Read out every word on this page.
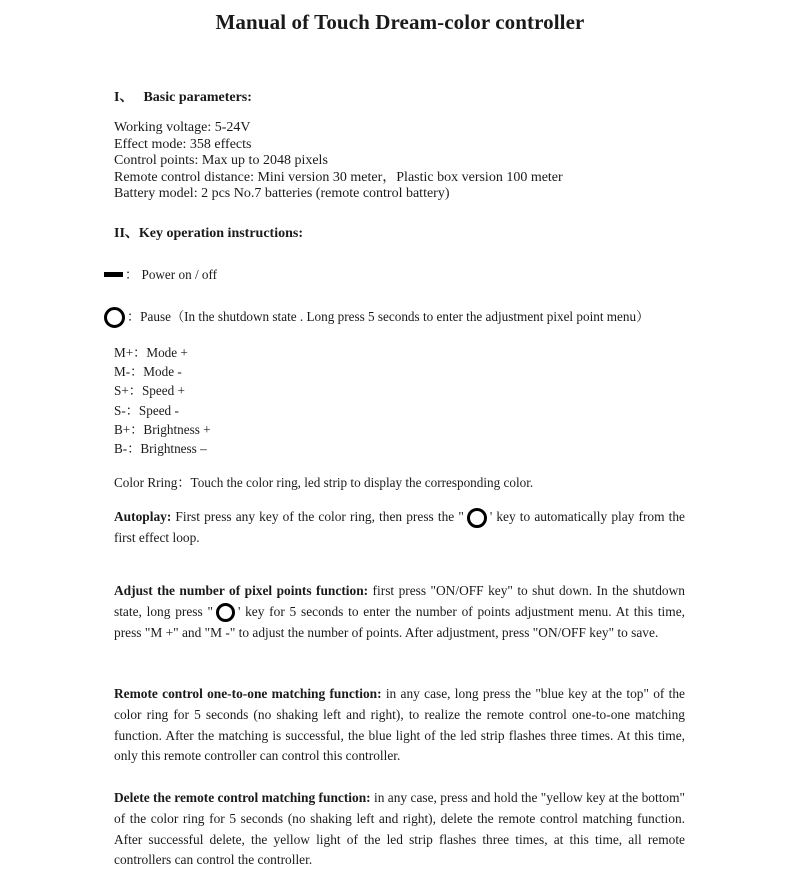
Manual of Touch Dream-color controller
I、 Basic parameters:
Working voltage: 5-24V
Effect mode: 358 effects
Control points: Max up to 2048 pixels
Remote control distance: Mini version 30 meter，Plastic box version 100 meter
Battery model: 2 pcs No.7 batteries (remote control battery)
II、Key operation instructions:
： Power on / off
：Pause（In the shutdown state . Long press 5 seconds to enter the adjustment pixel point menu）
M+：Mode +
M-：Mode -
S+：Speed +
S-：Speed -
B+：Brightness +
B-：Brightness –
Color Rring：Touch the color ring, led strip to display the corresponding color.
Autoplay: First press any key of the color ring, then press the " ' key to automatically play from the first effect loop.
Adjust the number of pixel points function: first press "ON/OFF key" to shut down. In the shutdown state, long press " ' key for 5 seconds to enter the number of points adjustment menu. At this time, press "M +" and "M -" to adjust the number of points. After adjustment, press "ON/OFF key" to save.
Remote control one-to-one matching function: in any case, long press the "blue key at the top" of the color ring for 5 seconds (no shaking left and right), to realize the remote control one-to-one matching function. After the matching is successful, the blue light of the led strip flashes three times. At this time, only this remote controller can control this controller.
Delete the remote control matching function: in any case, press and hold the "yellow key at the bottom" of the color ring for 5 seconds (no shaking left and right), delete the remote control matching function. After successful delete, the yellow light of the led strip flashes three times, at this time, all remote controllers can control the controller.
